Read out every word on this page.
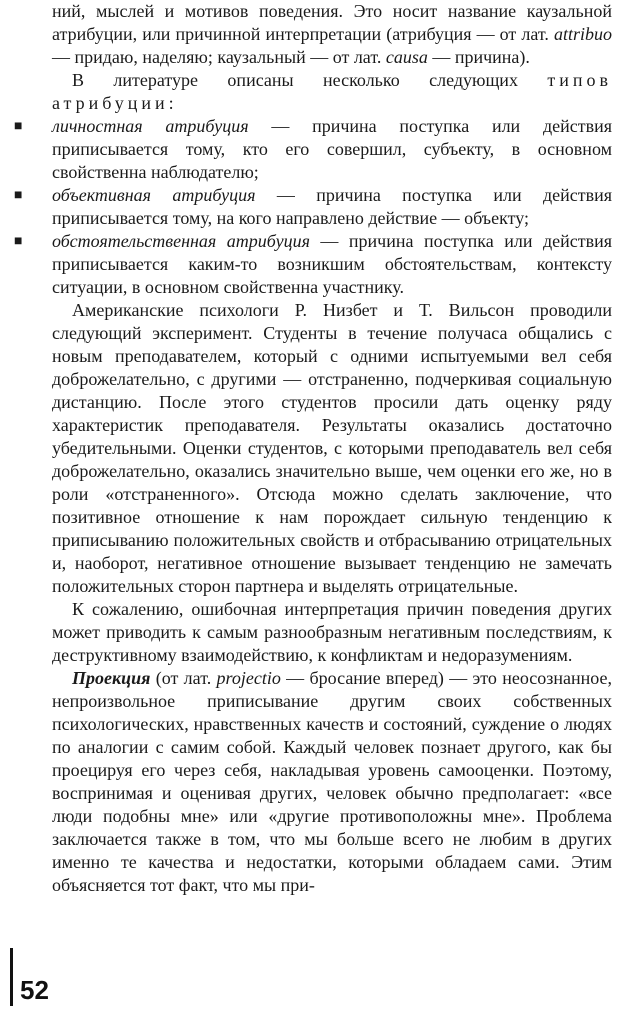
ний, мыслей и мотивов поведения. Это носит название каузальной атрибуции, или причинной интерпретации (атрибуция — от лат. attribuo — придаю, наделяю; каузальный — от лат. causa — причина).

В литературе описаны несколько следующих типов атрибуции:

■ личностная атрибуция — причина поступка или действия приписывается тому, кто его совершил, субъекту, в основном свойственна наблюдателю;
■ объективная атрибуция — причина поступка или действия приписывается тому, на кого направлено действие — объекту;
■ обстоятельственная атрибуция — причина поступка или действия приписывается каким-то возникшим обстоятельствам, контексту ситуации, в основном свойственна участнику.

Американские психологи Р. Низбет и Т. Вильсон проводили следующий эксперимент. Студенты в течение получаса общались с новым преподавателем, который с одними испытуемыми вел себя доброжелательно, с другими — отстраненно, подчеркивая социальную дистанцию. После этого студентов просили дать оценку ряду характеристик преподавателя. Результаты оказались достаточно убедительными. Оценки студентов, с которыми преподаватель вел себя доброжелательно, оказались значительно выше, чем оценки его же, но в роли «отстраненного». Отсюда можно сделать заключение, что позитивное отношение к нам порождает сильную тенденцию к приписыванию положительных свойств и отбрасыванию отрицательных и, наоборот, негативное отношение вызывает тенденцию не замечать положительных сторон партнера и выделять отрицательные.

К сожалению, ошибочная интерпретация причин поведения других может приводить к самым разнообразным негативным последствиям, к деструктивному взаимодействию, к конфликтам и недоразумениям.

Проекция (от лат. projectio — бросание вперед) — это неосознанное, непроизвольное приписывание другим своих собственных психологических, нравственных качеств и состояний, суждение о людях по аналогии с самим собой. Каждый человек познает другого, как бы проецируя его через себя, накладывая уровень самооценки. Поэтому, воспринимая и оценивая других, человек обычно предполагает: «все люди подобны мне» или «другие противоположны мне». Проблема заключается также в том, что мы больше всего не любим в других именно те качества и недостатки, которыми обладаем сами. Этим объясняется тот факт, что мы при-

52
